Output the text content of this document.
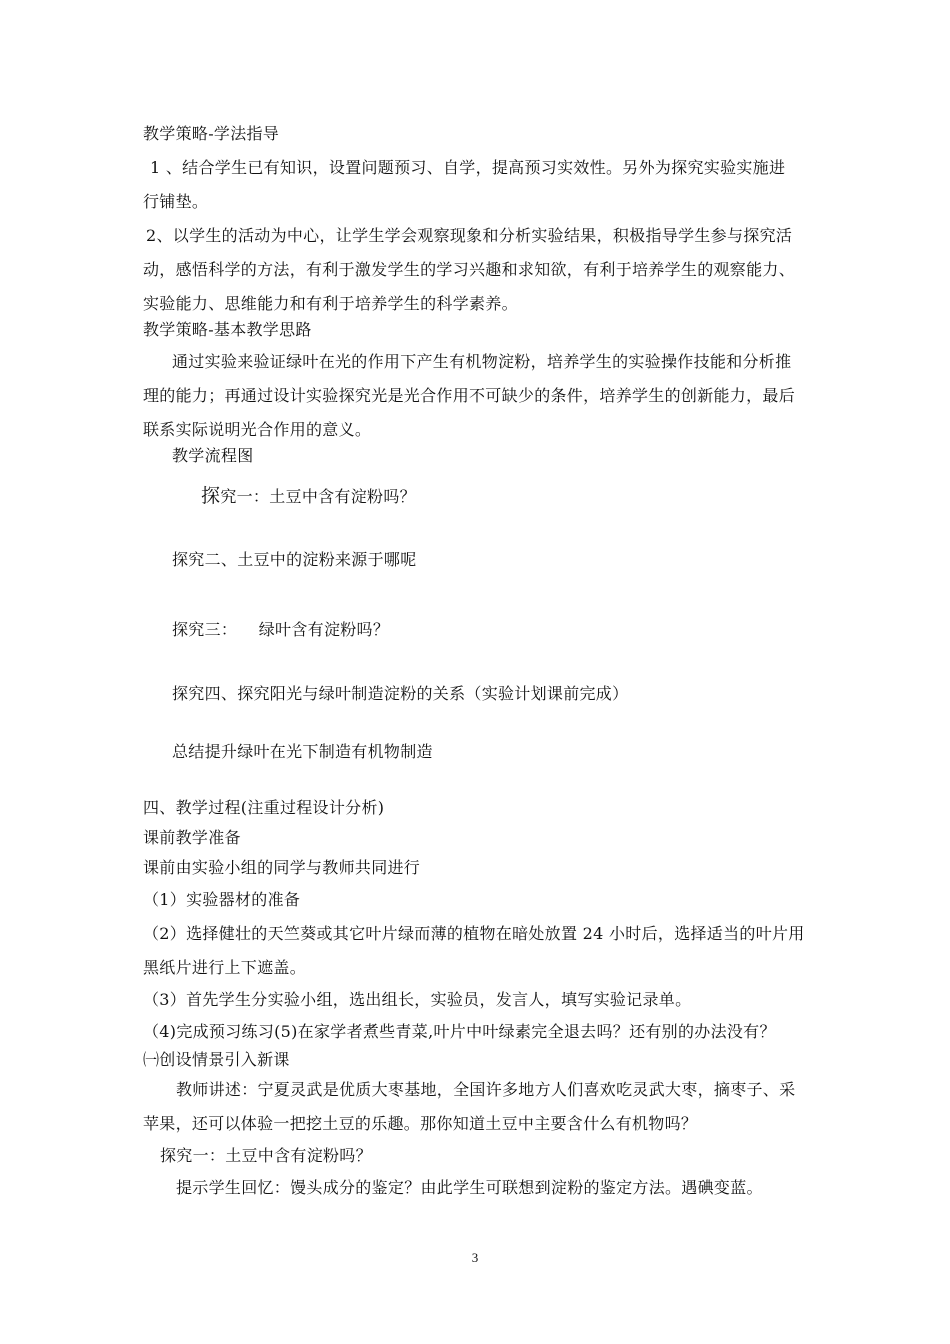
教学策略-学法指导
1 、结合学生已有知识，设置问题预习、自学，提高预习实效性。另外为探究实验实施进
行铺垫。
2、以学生的活动为中心，让学生学会观察现象和分析实验结果，积极指导学生参与探究活
动，感悟科学的方法，有利于激发学生的学习兴趣和求知欲，有利于培养学生的观察能力、
实验能力、思维能力和有利于培养学生的科学素养。
教学策略-基本教学思路
通过实验来验证绿叶在光的作用下产生有机物淀粉，培养学生的实验操作技能和分析推
理的能力；再通过设计实验探究光是光合作用不可缺少的条件，培养学生的创新能力，最后
联系实际说明光合作用的意义。
教学流程图
探究一：土豆中含有淀粉吗？
探究二、土豆中的淀粉来源于哪呢
探究三：    绿叶含有淀粉吗？
探究四、探究阳光与绿叶制造淀粉的关系（实验计划课前完成）
总结提升绿叶在光下制造有机物制造
四、教学过程(注重过程设计分析)
课前教学准备
课前由实验小组的同学与教师共同进行
（1）实验器材的准备
（2）选择健壮的天竺葵或其它叶片绿而薄的植物在暗处放置 24 小时后，选择适当的叶片用
黑纸片进行上下遮盖。
（3）首先学生分实验小组，选出组长，实验员，发言人，填写实验记录单。
（4)完成预习练习(5)在家学者煮些青菜,叶片中叶绿素完全退去吗？还有别的办法没有？
㈠创设情景引入新课
教师讲述：宁夏灵武是优质大枣基地，全国许多地方人们喜欢吃灵武大枣，摘枣子、采
苹果，还可以体验一把挖土豆的乐趣。那你知道土豆中主要含什么有机物吗？
探究一：土豆中含有淀粉吗？
提示学生回忆：馒头成分的鉴定？由此学生可联想到淀粉的鉴定方法。遇碘变蓝。
3
